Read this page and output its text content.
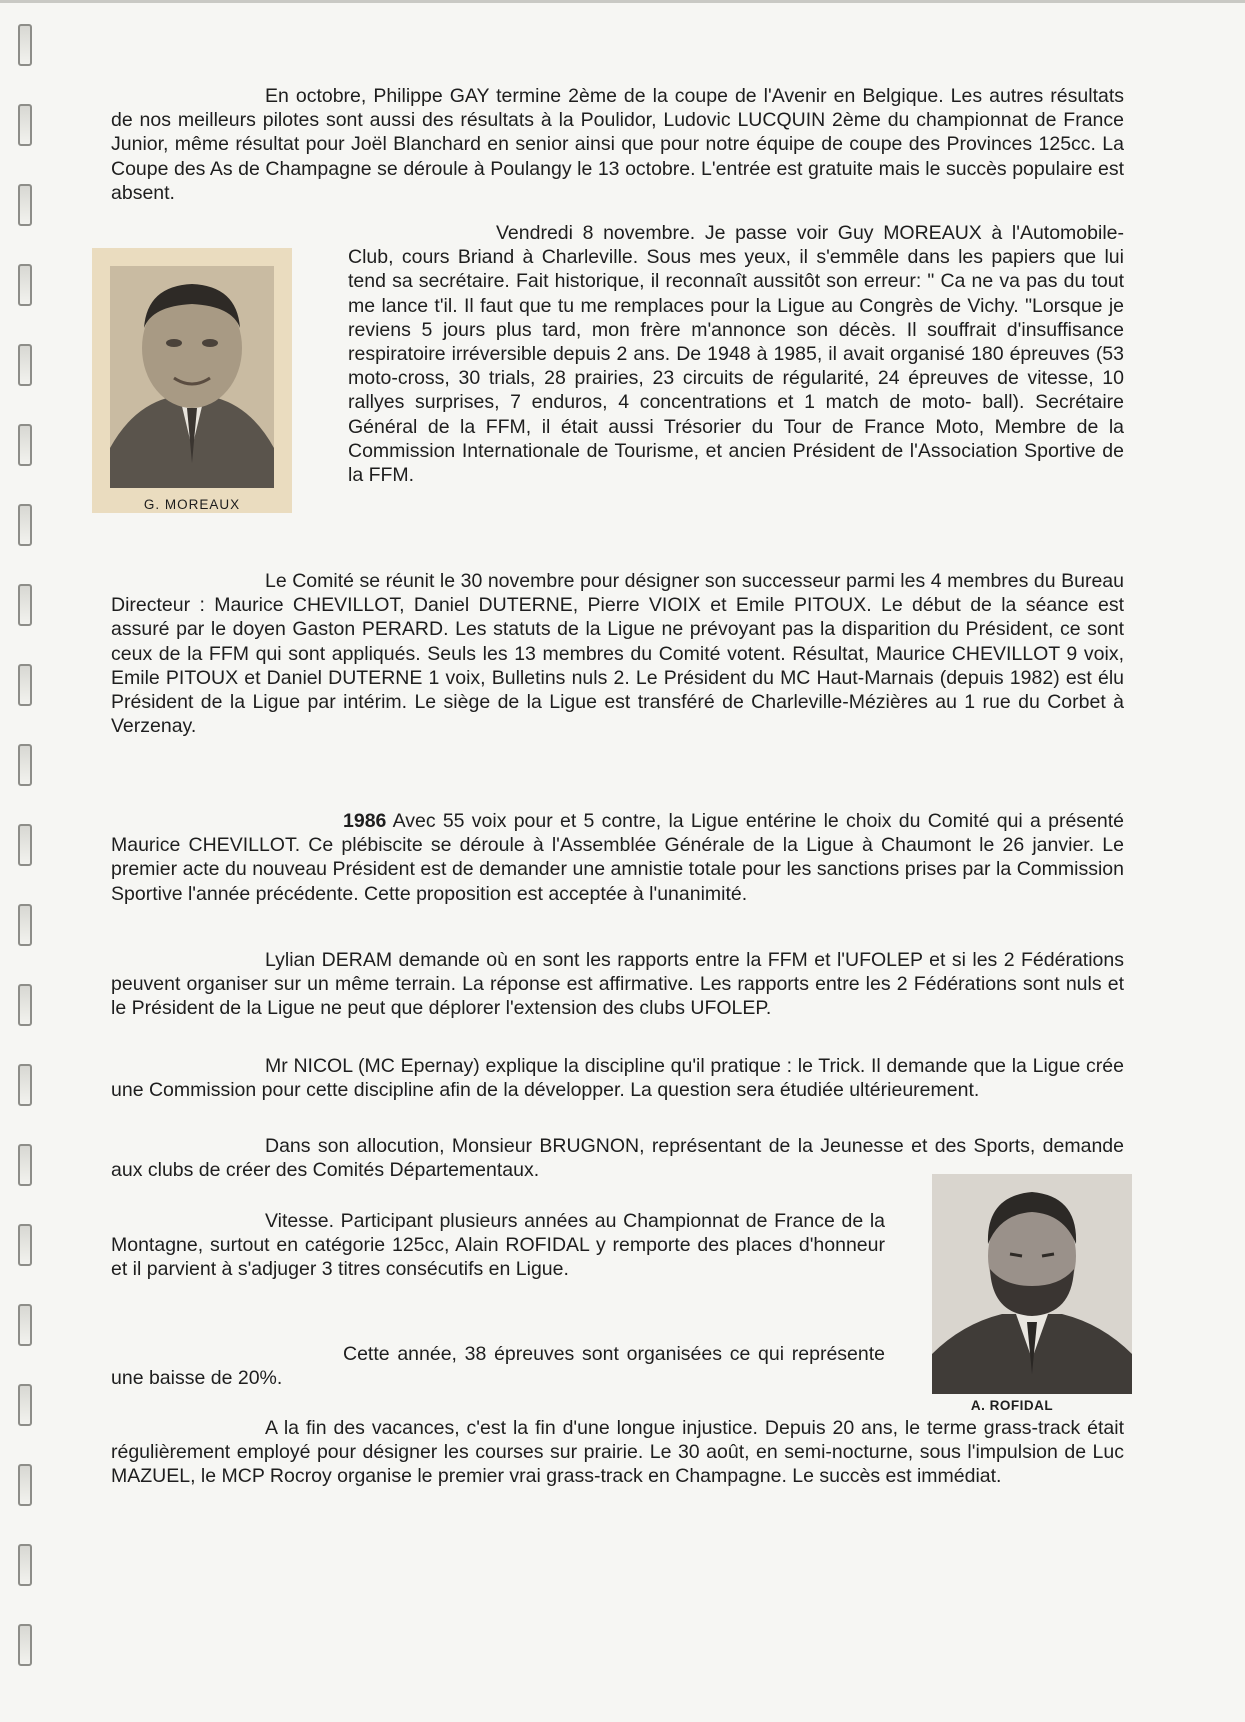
En octobre, Philippe GAY termine 2ème de la coupe de l'Avenir en Belgique. Les autres résultats de nos meilleurs pilotes sont aussi des résultats à la Poulidor, Ludovic LUCQUIN 2ème du championnat de France Junior, même résultat pour Joël Blanchard en senior ainsi que pour notre équipe de coupe des Provinces 125cc. La Coupe des As de Champagne se déroule à Poulangy le 13 octobre. L'entrée est gratuite mais le succès populaire est absent.

G. MOREAUX

Vendredi 8 novembre. Je passe voir Guy MOREAUX à l'Automobile-Club, cours Briand à Charleville. Sous mes yeux, il s'emmêle dans les papiers que lui tend sa secrétaire. Fait historique, il reconnaît aussitôt son erreur: " Ca ne va pas du tout me lance t'il. Il faut que tu me remplaces pour la Ligue au Congrès de Vichy. "Lorsque je reviens 5 jours plus tard, mon frère m'annonce son décès. Il souffrait d'insuffisance respiratoire irréversible depuis 2 ans. De 1948 à 1985, il avait organisé 180 épreuves (53 moto-cross, 30 trials, 28 prairies, 23 circuits de régularité, 24 épreuves de vitesse, 10 rallyes surprises, 7 enduros, 4 concentrations et 1 match de moto- ball). Secrétaire Général de la FFM, il était aussi Trésorier du Tour de France Moto, Membre de la Commission Internationale de Tourisme, et ancien Président de l'Association Sportive de la FFM.

Le Comité se réunit le 30 novembre pour désigner son successeur parmi les 4 membres du Bureau Directeur : Maurice CHEVILLOT, Daniel DUTERNE, Pierre VIOIX et Emile PITOUX. Le début de la séance est assuré par le doyen Gaston PERARD. Les statuts de la Ligue ne prévoyant pas la disparition du Président, ce sont ceux de la FFM qui sont appliqués. Seuls les 13 membres du Comité votent. Résultat, Maurice CHEVILLOT 9 voix, Emile PITOUX et Daniel DUTERNE 1 voix, Bulletins nuls 2. Le Président du MC Haut-Marnais (depuis 1982) est élu Président de la Ligue par intérim. Le siège de la Ligue est transféré de Charleville-Mézières au 1 rue du Corbet à Verzenay.

1986 Avec 55 voix pour et 5 contre, la Ligue entérine le choix du Comité qui a présenté Maurice CHEVILLOT. Ce plébiscite se déroule à l'Assemblée Générale de la Ligue à Chaumont le 26 janvier. Le premier acte du nouveau Président est de demander une amnistie totale pour les sanctions prises par la Commission Sportive l'année précédente. Cette proposition est acceptée à l'unanimité.

Lylian DERAM demande où en sont les rapports entre la FFM et l'UFOLEP et si les 2 Fédérations peuvent organiser sur un même terrain. La réponse est affirmative. Les rapports entre les 2 Fédérations sont nuls et le Président de la Ligue ne peut que déplorer l'extension des clubs UFOLEP.

Mr NICOL (MC Epernay) explique la discipline qu'il pratique : le Trick. Il demande que la Ligue crée une Commission pour cette discipline afin de la développer. La question sera étudiée ultérieurement.

Dans son allocution, Monsieur BRUGNON, représentant de la Jeunesse et des Sports, demande aux clubs de créer des Comités Départementaux.

Vitesse. Participant plusieurs années au Championnat de France de la Montagne, surtout en catégorie 125cc, Alain ROFIDAL y remporte des places d'honneur et il parvient à s'adjuger 3 titres consécutifs en Ligue.

A. ROFIDAL

Cette année, 38 épreuves sont organisées ce qui représente une baisse de 20%.

A la fin des vacances, c'est la fin d'une longue injustice. Depuis 20 ans, le terme grass-track était régulièrement employé pour désigner les courses sur prairie. Le 30 août, en semi-nocturne, sous l'impulsion de Luc MAZUEL, le MCP Rocroy organise le premier vrai grass-track en Champagne. Le succès est immédiat.
